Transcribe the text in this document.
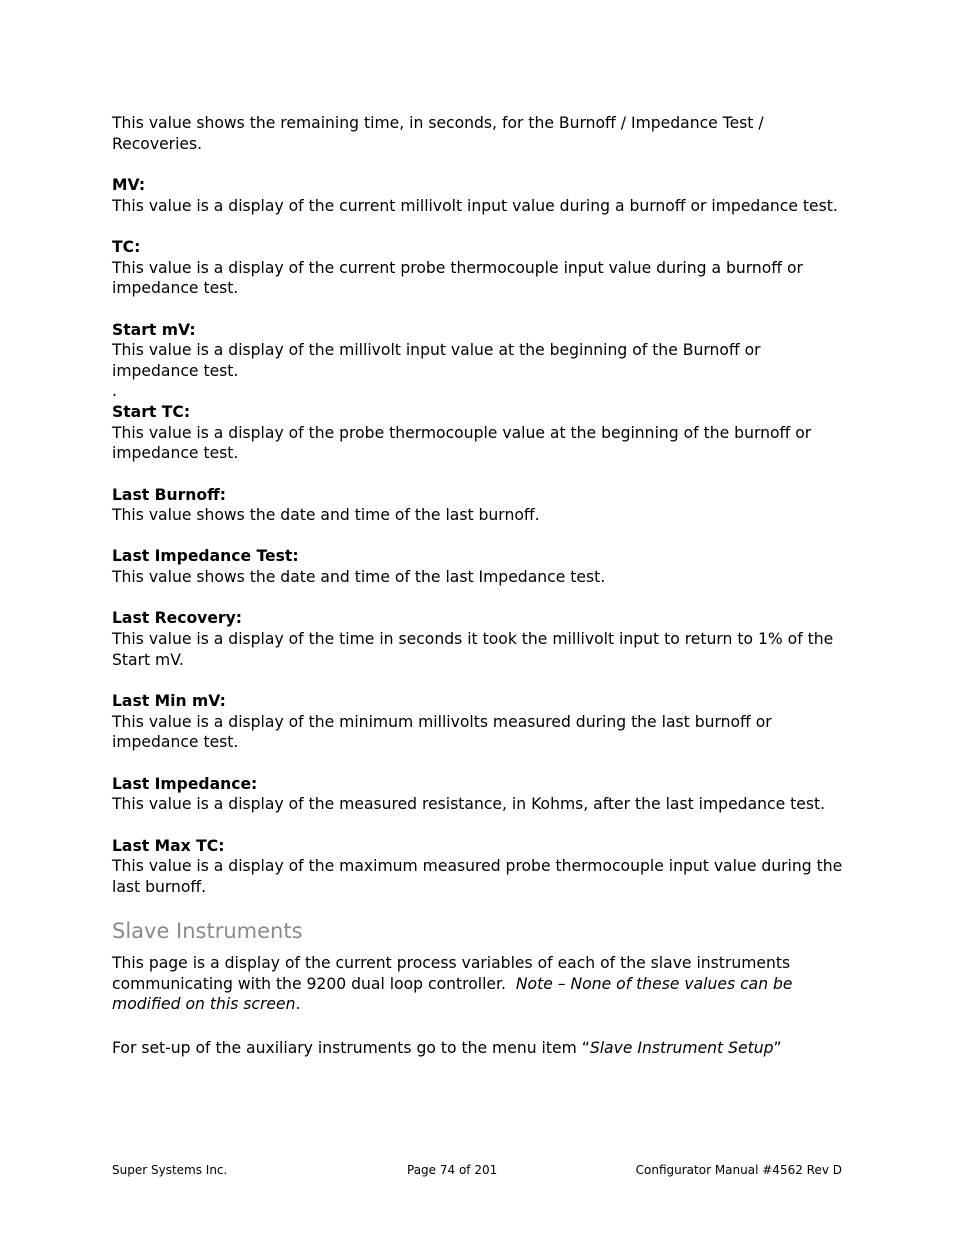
This value shows the remaining time, in seconds, for the Burnoff / Impedance Test / Recoveries.

MV:

This value is a display of the current millivolt input value during a burnoff or impedance test.

TC:

This value is a display of the current probe thermocouple input value during a burnoff or impedance test.

Start mV:

This value is a display of the millivolt input value at the beginning of the Burnoff or impedance test.

.

Start TC:

This value is a display of the probe thermocouple value at the beginning of the burnoff or impedance test.

Last Burnoff:

This value shows the date and time of the last burnoff.

Last Impedance Test:

This value shows the date and time of the last Impedance test.

Last Recovery:

This value is a display of the time in seconds it took the millivolt input to return to 1% of the Start mV.

Last Min mV:

This value is a display of the minimum millivolts measured during the last burnoff or impedance test.

Last Impedance:

This value is a display of the measured resistance, in Kohms, after the last impedance test.

Last Max TC:

This value is a display of the maximum measured probe thermocouple input value during the last burnoff.

Slave Instruments

This page is a display of the current process variables of each of the slave instruments communicating with the 9200 dual loop controller. Note – None of these values can be modified on this screen.

For set-up of the auxiliary instruments go to the menu item “Slave Instrument Setup”

Super Systems Inc.	Page 74 of 201	Configurator Manual #4562 Rev D
